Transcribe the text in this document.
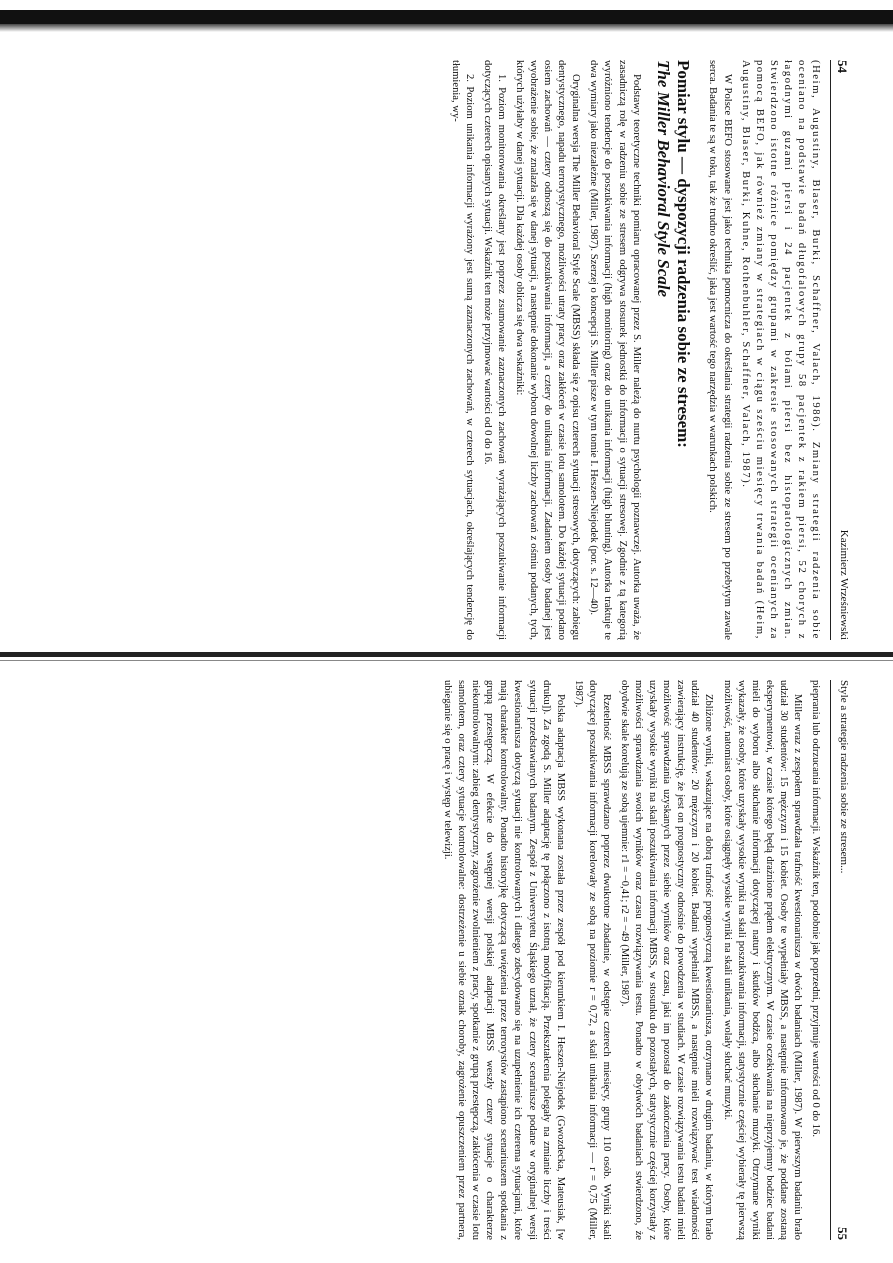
54
Kazimierz Wrześniewski

(Heim, Augustiny, Blaser, Burki, Schaffner, Valach, 1986). Zmiany strategii radzenia sobie oceniano na podstawie badań długofalowych grupy 58 pacjentek z rakiem piersi, 52 chorych z łagodnymi guzami piersi i 24 pacjentek z bólami piersi bez histopatologicznych zmian. Stwierdzono istotne różnice pomiędzy grupami w zakresie stosowanych strategii ocenianych za pomocą BEFO, jak również zmiany w strategiach w ciągu sześciu miesięcy trwania badań (Heim, Augustiny, Blaser, Burki, Kuhne, Rothenbuhler, Schaffner, Valach, 1987).

W Polsce BEFO stosowane jest jako technika pomocnicza do określania strategii radzenia sobie ze stresem po przebytym zawale serca. Badania te są w toku, tak że trudno określić, jaka jest wartość tego narzędzia w warunkach polskich.

Pomiar stylu — dyspozycji radzenia sobie ze stresem:
The Miller Behavioral Style Scale

Podstawy teoretyczne techniki pomiaru opracowanej przez S. Miller należą do nurtu psychologii poznawczej. Autorka uważa, że zasadniczą rolę w radzeniu sobie ze stresem odgrywa stosunek jednostki do informacji o sytuacji stresowej. Zgodnie z tą kategorią wyróżniono tendencje do poszukiwania informacji (high monitoring) oraz do unikania informacji (high blunting). Autorka traktuje te dwa wymiary jako niezależne (Miller, 1987). Szerzej o koncepcji S. Miller pisze w tym tomie I. Heszen-Niejodek (por. s. 12—40).

Oryginalna wersja The Miller Behavioral Style Scale (MBSS) składa się z opisu czterech sytuacji stresowych, dotyczących: zabiegu dentystycznego, napadu terrorystycznego, możliwości utraty pracy oraz zakłóceń w czasie lotu samolotem. Do każdej sytuacji podano osiem zachowań — cztery odnoszą się do poszukiwania informacji, a cztery do unikania informacji. Zadaniem osoby badanej jest wyobrażenie sobie, że znalazła się w danej sytuacji, a następnie dokonanie wyboru dowolnej liczby zachowań z ośmiu podanych, tych, których użyłaby w danej sytuacji. Dla każdej osoby oblicza się dwa wskaźniki:

1. Poziom monitorowania określany jest poprzez zsumowanie zaznaczonych zachowań wyrażających poszukiwanie informacji dotyczących czterech opisanych sytuacji. Wskaźnik ten może przyjmować wartości od 0 do 16.

2. Poziom unikania informacji wyrażony jest sumą zaznaczonych zachowań, w czterech sytuacjach, określających tendencję do tłumienia, wy-

Style a strategie radzenia sobie ze stresem...
55

pieprania lub odrzucania informacji. Wskaźnik ten, podobnie jak poprzedni, przyjmuje wartości od 0 do 16.

Miller wraz z zespołem sprawdzała trafność kwestionariusza w dwóch badaniach (Miller, 1987). W pierwszym badaniu brało udział 30 studentów: 15 mężczyzn i 15 kobiet. Osoby te wypełniały MBSS, a następnie informowano je, że poddane zostaną eksperymentowi, w czasie którego będą drażnione prądem elektrycznym. W czasie oczekiwania na nieprzyjemny bodziec badani mieli do wyboru albo słuchanie informacji dotyczącej natury i skutków bodźca, albo słuchanie muzyki. Otrzymane wyniki wykazały, że osoby, które uzyskały wysokie wyniki na skali poszukiwania informacji, statystycznie częściej wybierały tę pierwszą możliwość, natomiast osoby, które osiągnęły wysokie wyniki na skali unikania, wolały słuchać muzyki.

Zbliżone wyniki, wskazujące na dobrą trafność prognostyczną kwestionariusza, otrzymano w drugim badaniu, w którym brało udział 40 studentów: 20 mężczyzn i 20 kobiet. Badani wypełniali MBSS, a następnie mieli rozwiązywać test wiadomości zawierający instrukcję, że jest on prognostyczny odnośnie do powodzenia w studiach. W czasie rozwiązywania testu badani mieli możliwość sprawdzania uzyskanych przez siebie wyników oraz czasu, jaki im pozostał do zakończenia pracy. Osoby, które uzyskały wysokie wyniki na skali poszukiwania informacji MBSS, w stosunku do pozostałych, statystycznie częściej korzystały z możliwości sprawdzania swoich wyników oraz czasu rozwiązywania testu. Ponadto w obydwóch badaniach stwierdzono, że obydwie skale korelują ze sobą ujemnie: r1 = −0,41; r2 = −49 (Miller, 1987).

Rzetelność MBSS sprawdzano poprzez dwukrotne zbadanie, w odstępie czterech miesięcy, grupy 110 osób. Wyniki skali dotyczącej poszukiwania informacji korelowały ze sobą na poziomie r = 0,72, a skali unikania informacji — r = 0,75 (Miller, 1987).

Polska adaptacja MBSS wykonana została przez zespół pod kierunkiem I. Heszen-Niejodek (Gwozdecka, Mateusiak, [w druku]). Za zgodą S. Miller adaptację tę połączono z istotną modyfikacją. Przekształcenia polegały na zmianie liczby i treści sytuacji przedstawianych badanym. Zespół z Uniwersytetu Śląskiego uznał, że cztery scenariusze podane w oryginalnej wersji kwestionariusza dotyczą sytuacji nie kontrolowanych i dlatego zdecydowano się na uzupełnienie ich czterema sytuacjami, które mają charakter kontrolowalny. Ponadto historyjkę dotyczącą uwięzienia przez terrorystów zastąpiono scenariuszem spotkania z grupą przestępczą. W efekcie do wstępnej wersji polskiej adaptacji MBSS weszły cztery sytuacje o charakterze niekontrolowalnym: zabieg dentystyczny, zagrożenie zwolnieniem z pracy, spotkanie z grupą przestępczą, zakłócenia w czasie lotu samolotem, oraz cztery sytuacje kontrolowalne: dostrzeżenie u siebie oznak choroby, zagrożenie opuszczeniem przez partnera, ubieganie się o pracę i występ w telewizji.
